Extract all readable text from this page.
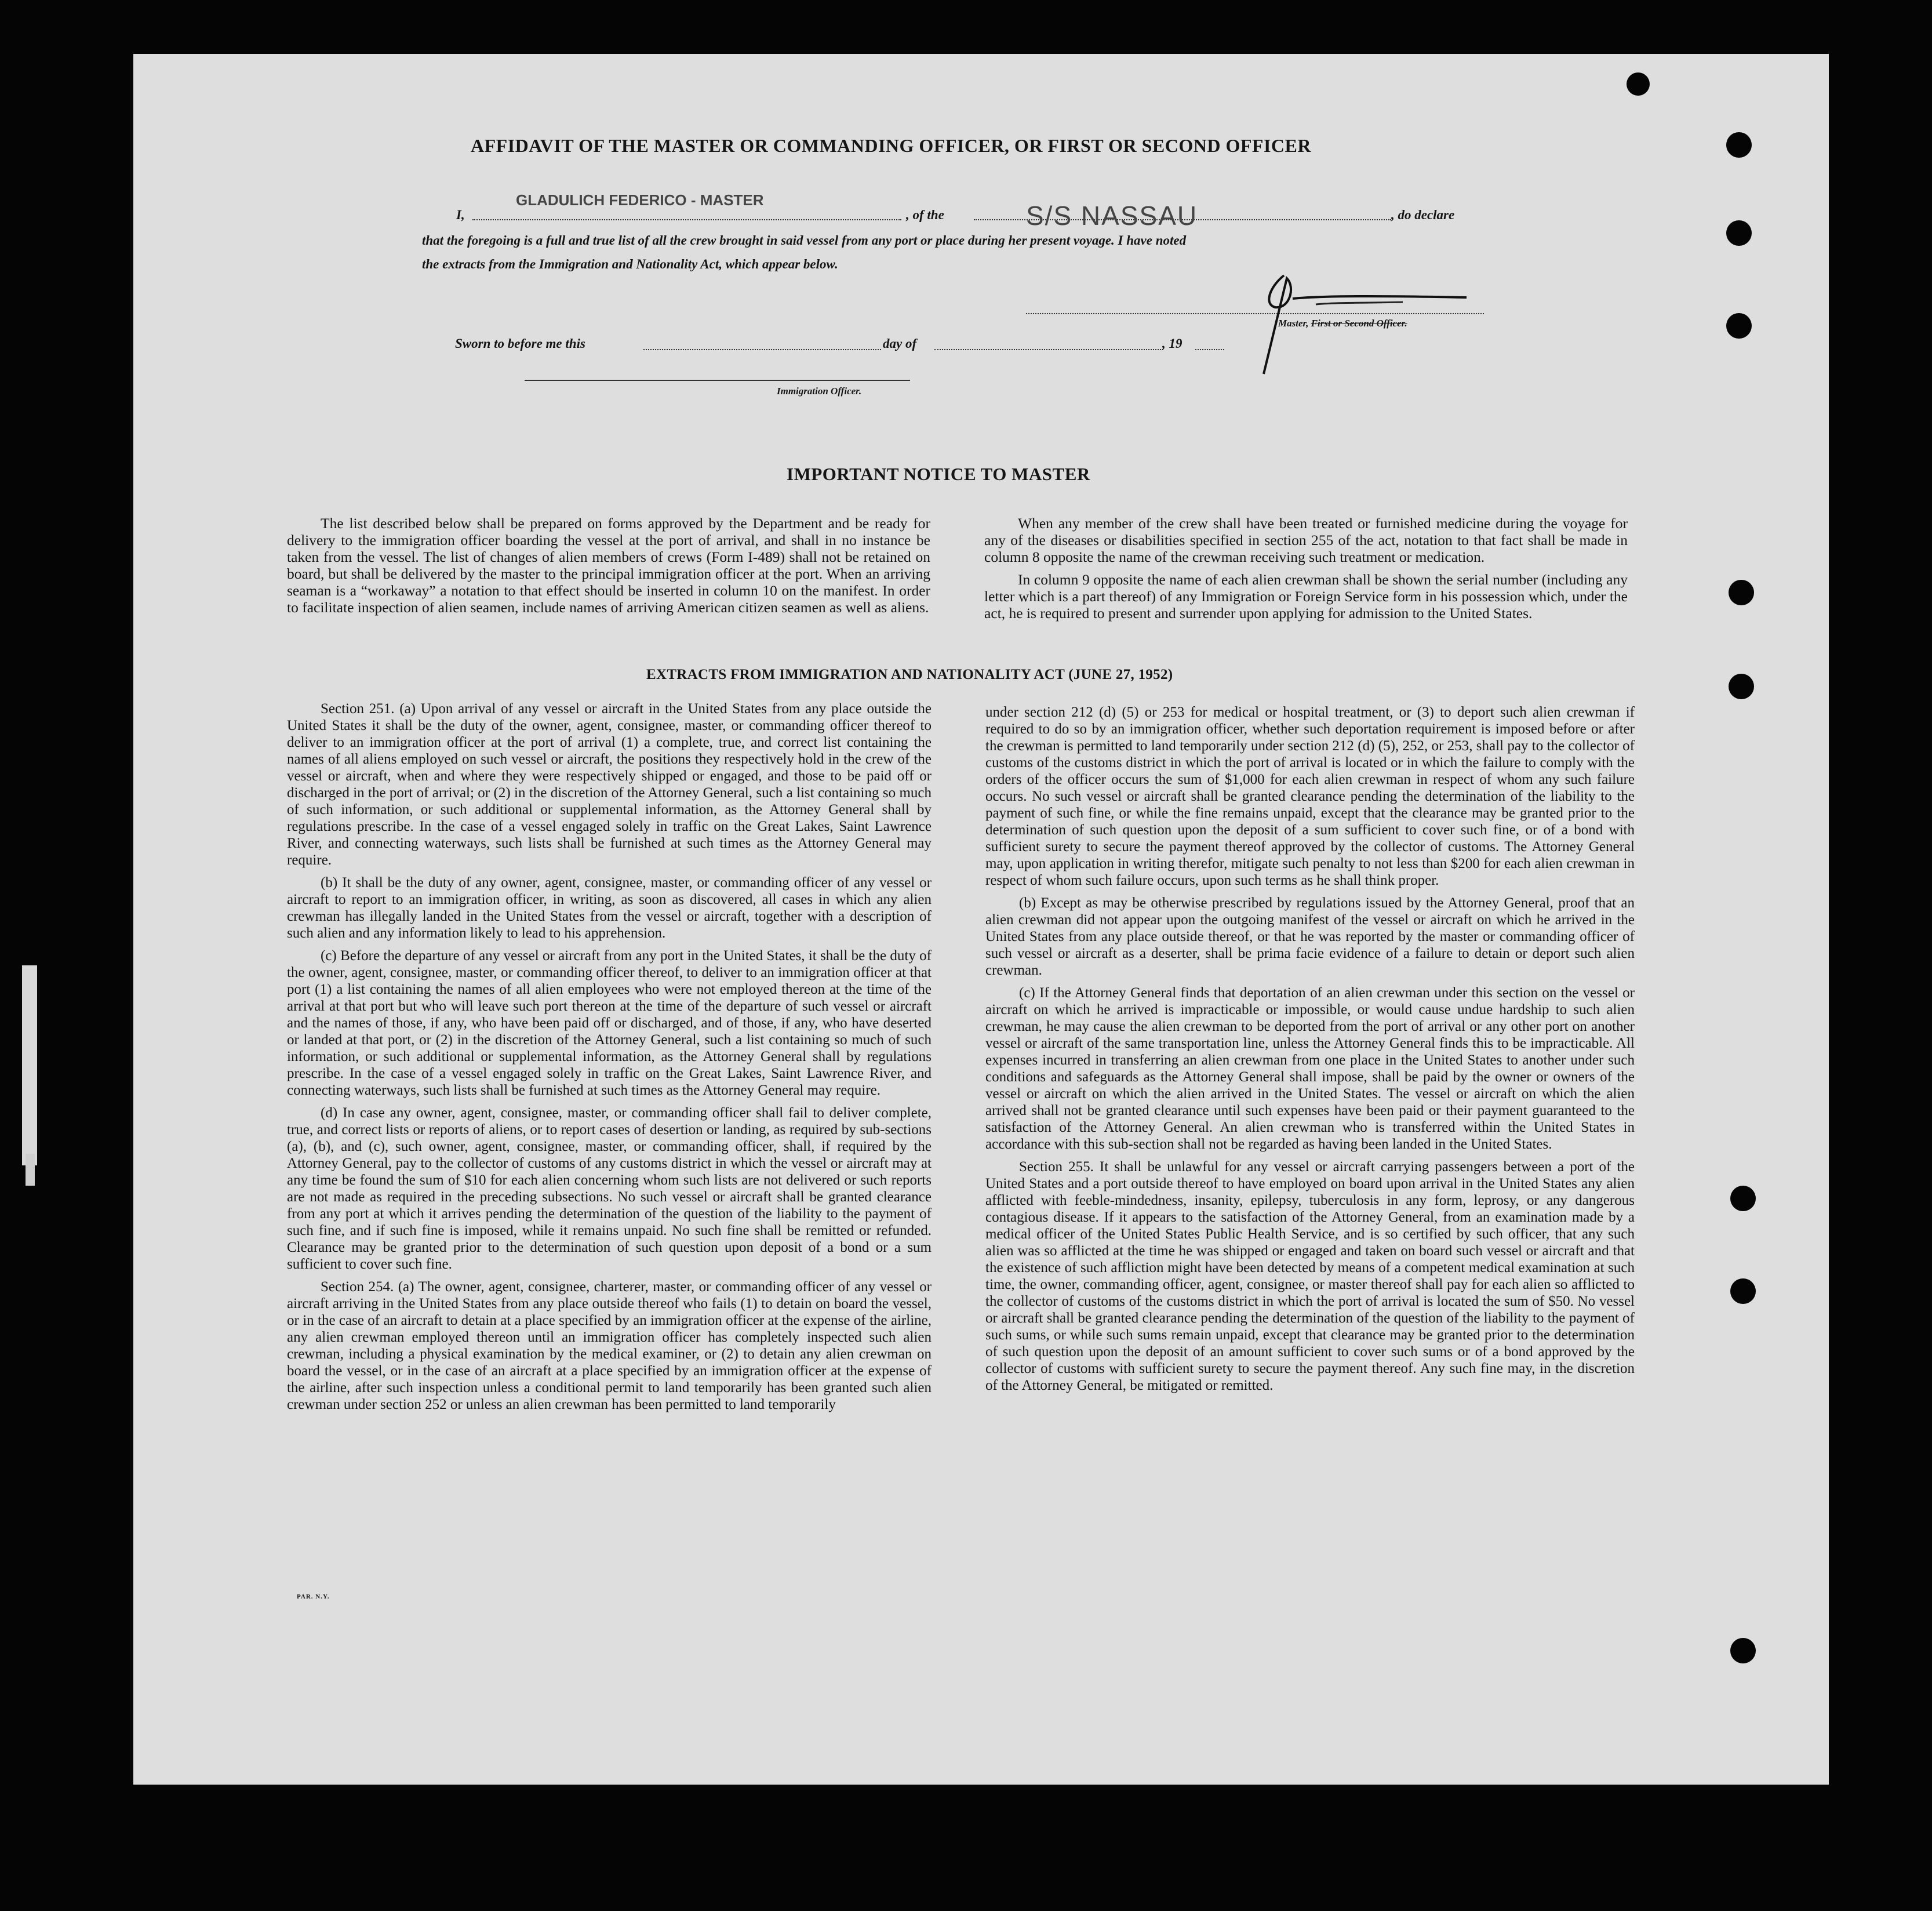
AFFIDAVIT OF THE MASTER OR COMMANDING OFFICER, OR FIRST OR SECOND OFFICER
I,
GLADULICH FEDERICO - MASTER
, of the	S/S NASSAU	, do declare
that the foregoing is a full and true list of all the crew brought in said vessel from any port or place during her present voyage. I have noted
the extracts from the Immigration and Nationality Act, which appear below.
Master, First or Second Officer.
Sworn to before me this	day of	, 19
Immigration Officer.
IMPORTANT NOTICE TO MASTER

The list described below shall be prepared on forms approved by the Department and be ready for delivery to the immigration officer boarding the vessel at the port of arrival, and shall in no instance be taken from the vessel. The list of changes of alien members of crews (Form I-489) shall not be retained on board, but shall be delivered by the master to the principal immigration officer at the port. When an arriving seaman is a “workaway” a notation to that effect should be inserted in column 10 on the manifest. In order to facilitate inspection of alien seamen, include names of arriving American citizen seamen as well as aliens.

When any member of the crew shall have been treated or furnished medicine during the voyage for any of the diseases or disabilities specified in section 255 of the act, notation to that fact shall be made in column 8 opposite the name of the crewman receiving such treatment or medication.

In column 9 opposite the name of each alien crewman shall be shown the serial number (including any letter which is a part thereof) of any Immigration or Foreign Service form in his possession which, under the act, he is required to present and surrender upon applying for admission to the United States.

EXTRACTS FROM IMMIGRATION AND NATIONALITY ACT (JUNE 27, 1952)

Section 251. (a) Upon arrival of any vessel or aircraft in the United States from any place outside the United States it shall be the duty of the owner, agent, consignee, master, or commanding officer thereof to deliver to an immigration officer at the port of arrival (1) a complete, true, and correct list containing the names of all aliens employed on such vessel or aircraft, the positions they respectively hold in the crew of the vessel or aircraft, when and where they were respectively shipped or engaged, and those to be paid off or discharged in the port of arrival; or (2) in the discretion of the Attorney General, such a list containing so much of such information, or such additional or supplemental information, as the Attorney General shall by regulations prescribe. In the case of a vessel engaged solely in traffic on the Great Lakes, Saint Lawrence River, and connecting waterways, such lists shall be furnished at such times as the Attorney General may require.

(b) It shall be the duty of any owner, agent, consignee, master, or commanding officer of any vessel or aircraft to report to an immigration officer, in writing, as soon as discovered, all cases in which any alien crewman has illegally landed in the United States from the vessel or aircraft, together with a description of such alien and any information likely to lead to his apprehension.

(c) Before the departure of any vessel or aircraft from any port in the United States, it shall be the duty of the owner, agent, consignee, master, or commanding officer thereof, to deliver to an immigration officer at that port (1) a list containing the names of all alien employees who were not employed thereon at the time of the arrival at that port but who will leave such port thereon at the time of the departure of such vessel or aircraft and the names of those, if any, who have been paid off or discharged, and of those, if any, who have deserted or landed at that port, or (2) in the discretion of the Attorney General, such a list containing so much of such information, or such additional or supplemental information, as the Attorney General shall by regulations prescribe. In the case of a vessel engaged solely in traffic on the Great Lakes, Saint Lawrence River, and connecting waterways, such lists shall be furnished at such times as the Attorney General may require.

(d) In case any owner, agent, consignee, master, or commanding officer shall fail to deliver complete, true, and correct lists or reports of aliens, or to report cases of desertion or landing, as required by sub-sections (a), (b), and (c), such owner, agent, consignee, master, or commanding officer, shall, if required by the Attorney General, pay to the collector of customs of any customs district in which the vessel or aircraft may at any time be found the sum of $10 for each alien concerning whom such lists are not delivered or such reports are not made as required in the preceding subsections. No such vessel or aircraft shall be granted clearance from any port at which it arrives pending the determination of the question of the liability to the payment of such fine, and if such fine is imposed, while it remains unpaid. No such fine shall be remitted or refunded. Clearance may be granted prior to the determination of such question upon deposit of a bond or a sum sufficient to cover such fine.

Section 254. (a) The owner, agent, consignee, charterer, master, or commanding officer of any vessel or aircraft arriving in the United States from any place outside thereof who fails (1) to detain on board the vessel, or in the case of an aircraft to detain at a place specified by an immigration officer at the expense of the airline, any alien crewman employed thereon until an immigration officer has completely inspected such alien crewman, including a physical examination by the medical examiner, or (2) to detain any alien crewman on board the vessel, or in the case of an aircraft at a place specified by an immigration officer at the expense of the airline, after such inspection unless a conditional permit to land temporarily has been granted such alien crewman under section 252 or unless an alien crewman has been permitted to land temporarily

under section 212 (d) (5) or 253 for medical or hospital treatment, or (3) to deport such alien crewman if required to do so by an immigration officer, whether such deportation requirement is imposed before or after the crewman is permitted to land temporarily under section 212 (d) (5), 252, or 253, shall pay to the collector of customs of the customs district in which the port of arrival is located or in which the failure to comply with the orders of the officer occurs the sum of $1,000 for each alien crewman in respect of whom any such failure occurs. No such vessel or aircraft shall be granted clearance pending the determination of the liability to the payment of such fine, or while the fine remains unpaid, except that the clearance may be granted prior to the determination of such question upon the deposit of a sum sufficient to cover such fine, or of a bond with sufficient surety to secure the payment thereof approved by the collector of customs. The Attorney General may, upon application in writing therefor, mitigate such penalty to not less than $200 for each alien crewman in respect of whom such failure occurs, upon such terms as he shall think proper.

(b) Except as may be otherwise prescribed by regulations issued by the Attorney General, proof that an alien crewman did not appear upon the outgoing manifest of the vessel or aircraft on which he arrived in the United States from any place outside thereof, or that he was reported by the master or commanding officer of such vessel or aircraft as a deserter, shall be prima facie evidence of a failure to detain or deport such alien crewman.

(c) If the Attorney General finds that deportation of an alien crewman under this section on the vessel or aircraft on which he arrived is impracticable or impossible, or would cause undue hardship to such alien crewman, he may cause the alien crewman to be deported from the port of arrival or any other port on another vessel or aircraft of the same transportation line, unless the Attorney General finds this to be impracticable. All expenses incurred in transferring an alien crewman from one place in the United States to another under such conditions and safeguards as the Attorney General shall impose, shall be paid by the owner or owners of the vessel or aircraft on which the alien arrived in the United States. The vessel or aircraft on which the alien arrived shall not be granted clearance until such expenses have been paid or their payment guaranteed to the satisfaction of the Attorney General. An alien crewman who is transferred within the United States in accordance with this sub-section shall not be regarded as having been landed in the United States.

Section 255. It shall be unlawful for any vessel or aircraft carrying passengers between a port of the United States and a port outside thereof to have employed on board upon arrival in the United States any alien afflicted with feeble-mindedness, insanity, epilepsy, tuberculosis in any form, leprosy, or any dangerous contagious disease. If it appears to the satisfaction of the Attorney General, from an examination made by a medical officer of the United States Public Health Service, and is so certified by such officer, that any such alien was so afflicted at the time he was shipped or engaged and taken on board such vessel or aircraft and that the existence of such affliction might have been detected by means of a competent medical examination at such time, the owner, commanding officer, agent, consignee, or master thereof shall pay for each alien so afflicted to the collector of customs of the customs district in which the port of arrival is located the sum of $50. No vessel or aircraft shall be granted clearance pending the determination of the question of the liability to the payment of such sums, or while such sums remain unpaid, except that clearance may be granted prior to the determination of such question upon the deposit of an amount sufficient to cover such sums or of a bond approved by the collector of customs with sufficient surety to secure the payment thereof. Any such fine may, in the discretion of the Attorney General, be mitigated or remitted.

PAR. N.Y.
